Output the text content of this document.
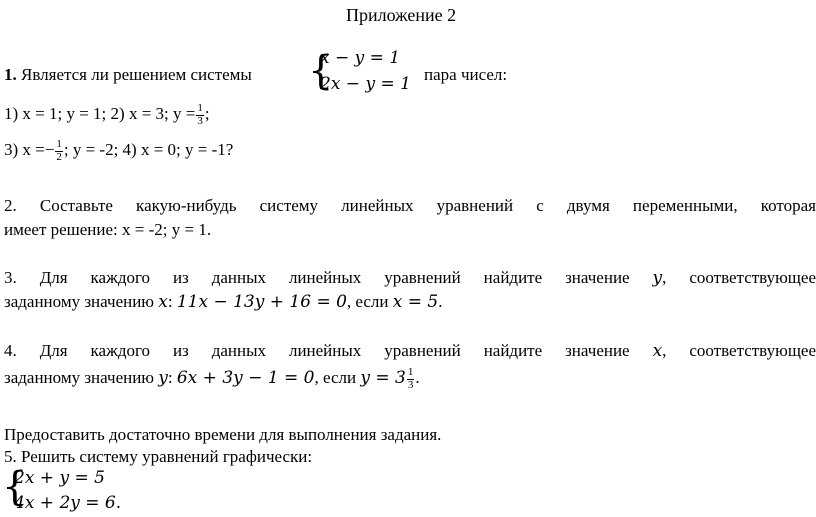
Приложение 2
1. Является ли решением системы {
x − y = 1
2x − y = 1 пара чисел:
1) x = 1; y = 1; 2) x = 3; $y = \frac{1}{3}$ ;
3) $x =- \frac{1}{2}$ ; y = -2; 4) x = 0; y = -1?
2. Составьте какую-нибудь систему линейных уравнений с двумя переменными, которая
имеет решение: x = -2; y = 1.
3. Для каждого из данных линейных уравнений найдите значение y, соответствующее
заданному значению x: 11x − 13y + 16 = 0, если x = 5.
4. Для каждого из данных линейных уравнений найдите значение x, соответствующее
заданному значению y: 6x + 3y − 1 = 0, если $y = 3 \frac{1}{3}$ .
Предоставить достаточно времени для выполнения задания.
5. Решить систему уравнений графически:
{
2x + y = 5
4x + 2y = 6.
